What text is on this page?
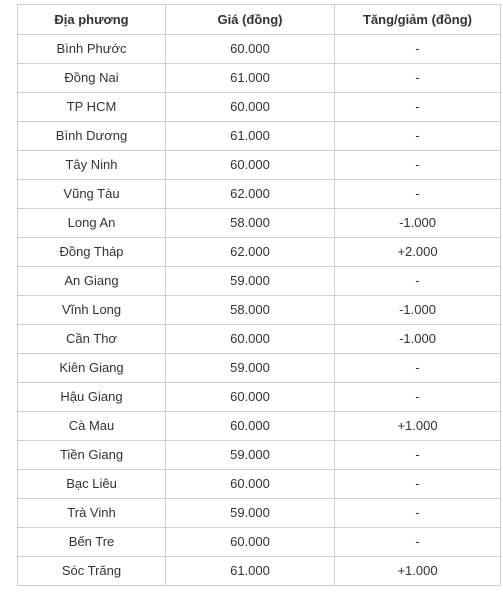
Địa phương	Giá (đồng)	Tăng/giảm (đồng)
Bình Phước	60.000	-
Đồng Nai	61.000	-
TP HCM	60.000	-
Bình Dương	61.000	-
Tây Ninh	60.000	-
Vũng Tàu	62.000	-
Long An	58.000	-1.000
Đồng Tháp	62.000	+2.000
An Giang	59.000	-
Vĩnh Long	58.000	-1.000
Cần Thơ	60.000	-1.000
Kiên Giang	59.000	-
Hậu Giang	60.000	-
Cà Mau	60.000	+1.000
Tiền Giang	59.000	-
Bạc Liêu	60.000	-
Trà Vinh	59.000	-
Bến Tre	60.000	-
Sóc Trăng	61.000	+1.000
